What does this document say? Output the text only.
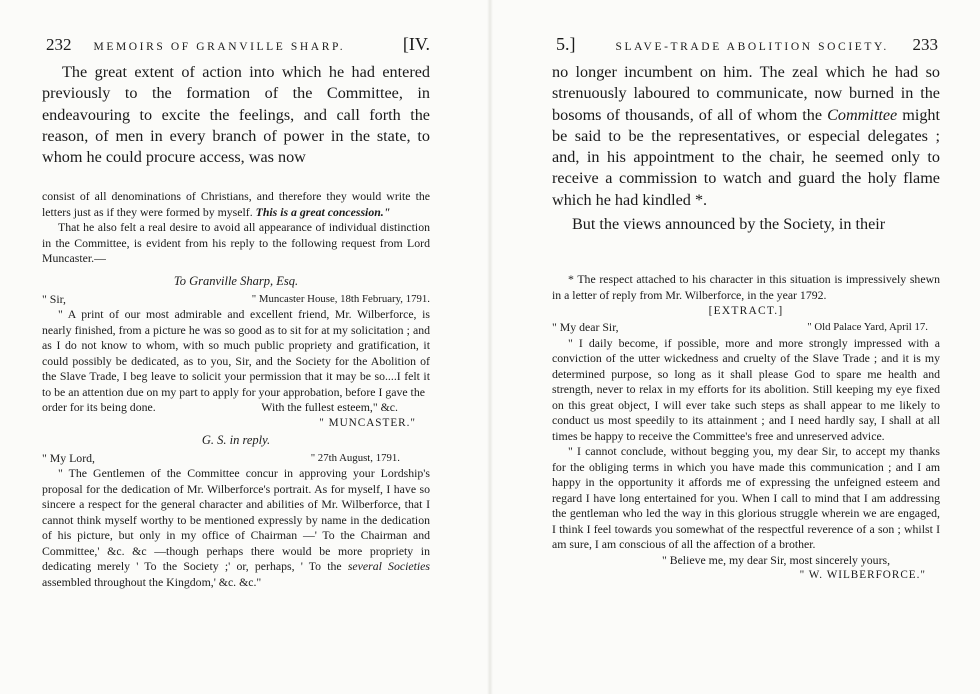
232 MEMOIRS OF GRANVILLE SHARP.	[IV.

The great extent of action into which he had entered previously to the formation of the Committee, in endeavouring to excite the feelings, and call forth the reason, of men in every branch of power in the state, to whom he could procure access, was now

consist of all denominations of Christians, and therefore they would write the letters just as if they were formed by myself. This is a great concession."

That he also felt a real desire to avoid all appearance of individual distinction in the Committee, is evident from his reply to the following request from Lord Muncaster.—

To Granville Sharp, Esq.
" Sir,	" Muncaster House, 18th February, 1791.

" A print of our most admirable and excellent friend, Mr. Wilberforce, is nearly finished, from a picture he was so good as to sit for at my solicitation ; and as I do not know to whom, with so much public propriety and gratification, it could possibly be dedicated, as to you, Sir, and the Society for the Abolition of the Slave Trade, I beg leave to solicit your permission that it may be so....I felt it to be an attention due on my part to apply for your approbation, before I gave the

order for its being done.	With the fullest esteem," &c.
" MUNCASTER."
G. S. in reply.
" My Lord,	" 27th August, 1791.

" The Gentlemen of the Committee concur in approving your Lordship's proposal for the dedication of Mr. Wilberforce's portrait. As for myself, I have so sincere a respect for the general character and abilities of Mr. Wilberforce, that I cannot think myself worthy to be mentioned expressly by name in the dedication of his picture, but only in my office of Chairman —' To the Chairman and Committee,' &c. &c —though perhaps there would be more propriety in dedicating merely ' To the Society ;' or, perhaps, ' To the several Societies assembled throughout the Kingdom,' &c. &c."

5.]	SLAVE-TRADE ABOLITION SOCIETY. 233

no longer incumbent on him. The zeal which he had so strenuously laboured to communicate, now burned in the bosoms of thousands, of all of whom the Committee might be said to be the representatives, or especial delegates ; and, in his appointment to the chair, he seemed only to receive a commission to watch and guard the holy flame which he had kindled *.

But the views announced by the Society, in their

* The respect attached to his character in this situation is impressively shewn in a letter of reply from Mr. Wilberforce, in the year 1792.

[EXTRACT.]
" My dear Sir,	" Old Palace Yard, April 17.

" I daily become, if possible, more and more strongly impressed with a conviction of the utter wickedness and cruelty of the Slave Trade ; and it is my determined purpose, so long as it shall please God to spare me health and strength, never to relax in my efforts for its abolition. Still keeping my eye fixed on this great object, I will ever take such steps as shall appear to me likely to conduct us most speedily to its attainment ; and I need hardly say, I shall at all times be happy to receive the Committee's free and unreserved advice.

" I cannot conclude, without begging you, my dear Sir, to accept my thanks for the obliging terms in which you have made this communication ; and I am happy in the opportunity it affords me of expressing the unfeigned esteem and regard I have long entertained for you. When I call to mind that I am addressing the gentleman who led the way in this glorious struggle wherein we are engaged, I think I feel towards you somewhat of the respectful reverence of a son ; whilst I am sure, I am conscious of all the affection of a brother.

" Believe me, my dear Sir, most sincerely yours,
" W. WILBERFORCE."
